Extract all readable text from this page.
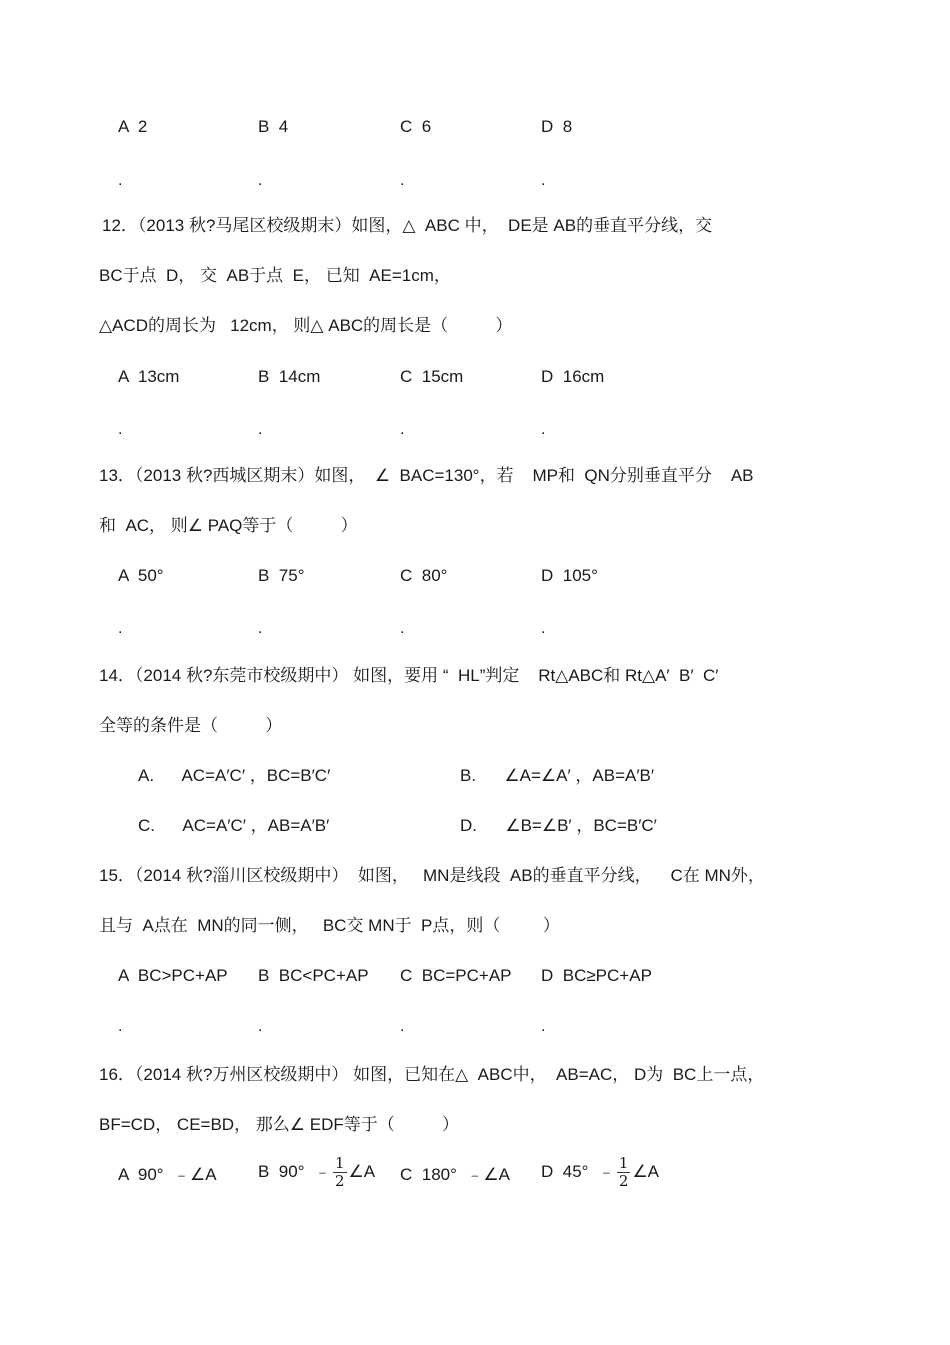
A 2	B 4	C 6	D 8
.	.	.	.
12．（2013 秋?马尾区校级期末）如图，△  ABC 中，  DE是 AB的垂直平分线，交
BC于点  D， 交  AB于点  E， 已知  AE=1cm，
△ACD的周长为   12cm， 则△ ABC的周长是（          ）
A 13cm	B 14cm	C 15cm	D 16cm
.	.	.	.
13．（2013 秋?西城区期末）如图，  ∠  BAC=130°，若    MP和  QN分别垂直平分    AB
和  AC， 则∠ PAQ等于（          ）
A 50°	B 75°	C 80°	D 105°
.	.	.	.
14．（2014 秋?东莞市校级期中） 如图，要用 “  HL”判定    Rt△ABC和 Rt△A′  B′  C′
全等的条件是（          ）
A. AC=A′C′ ，BC=B′C′	B. ∠A=∠A′ ，AB=A′B′
C. AC=A′C′ ，AB=A′B′	D. ∠B=∠B′ ，BC=B′C′
15．（2014 秋?淄川区校级期中）  如图，   MN是线段  AB的垂直平分线，    C在 MN外，
且与  A点在  MN的同一侧，   BC交 MN于  P点，则（         ）
A BC>PC+AP B BC<PC+AP C BC=PC+AP D BC≥PC+AP
.	.	.	.
16．（2014 秋?万州区校级期中） 如图，已知在△  ABC中，  AB=AC， D为  BC上一点，
BF=CD， CE=BD， 那么∠ EDF等于（          ）
A 90°  ﹣∠A B 90°  ﹣ $\frac{1}{2}$ ∠A C 180°  ﹣∠A D 45°  ﹣ $\frac{1}{2}$ ∠A
